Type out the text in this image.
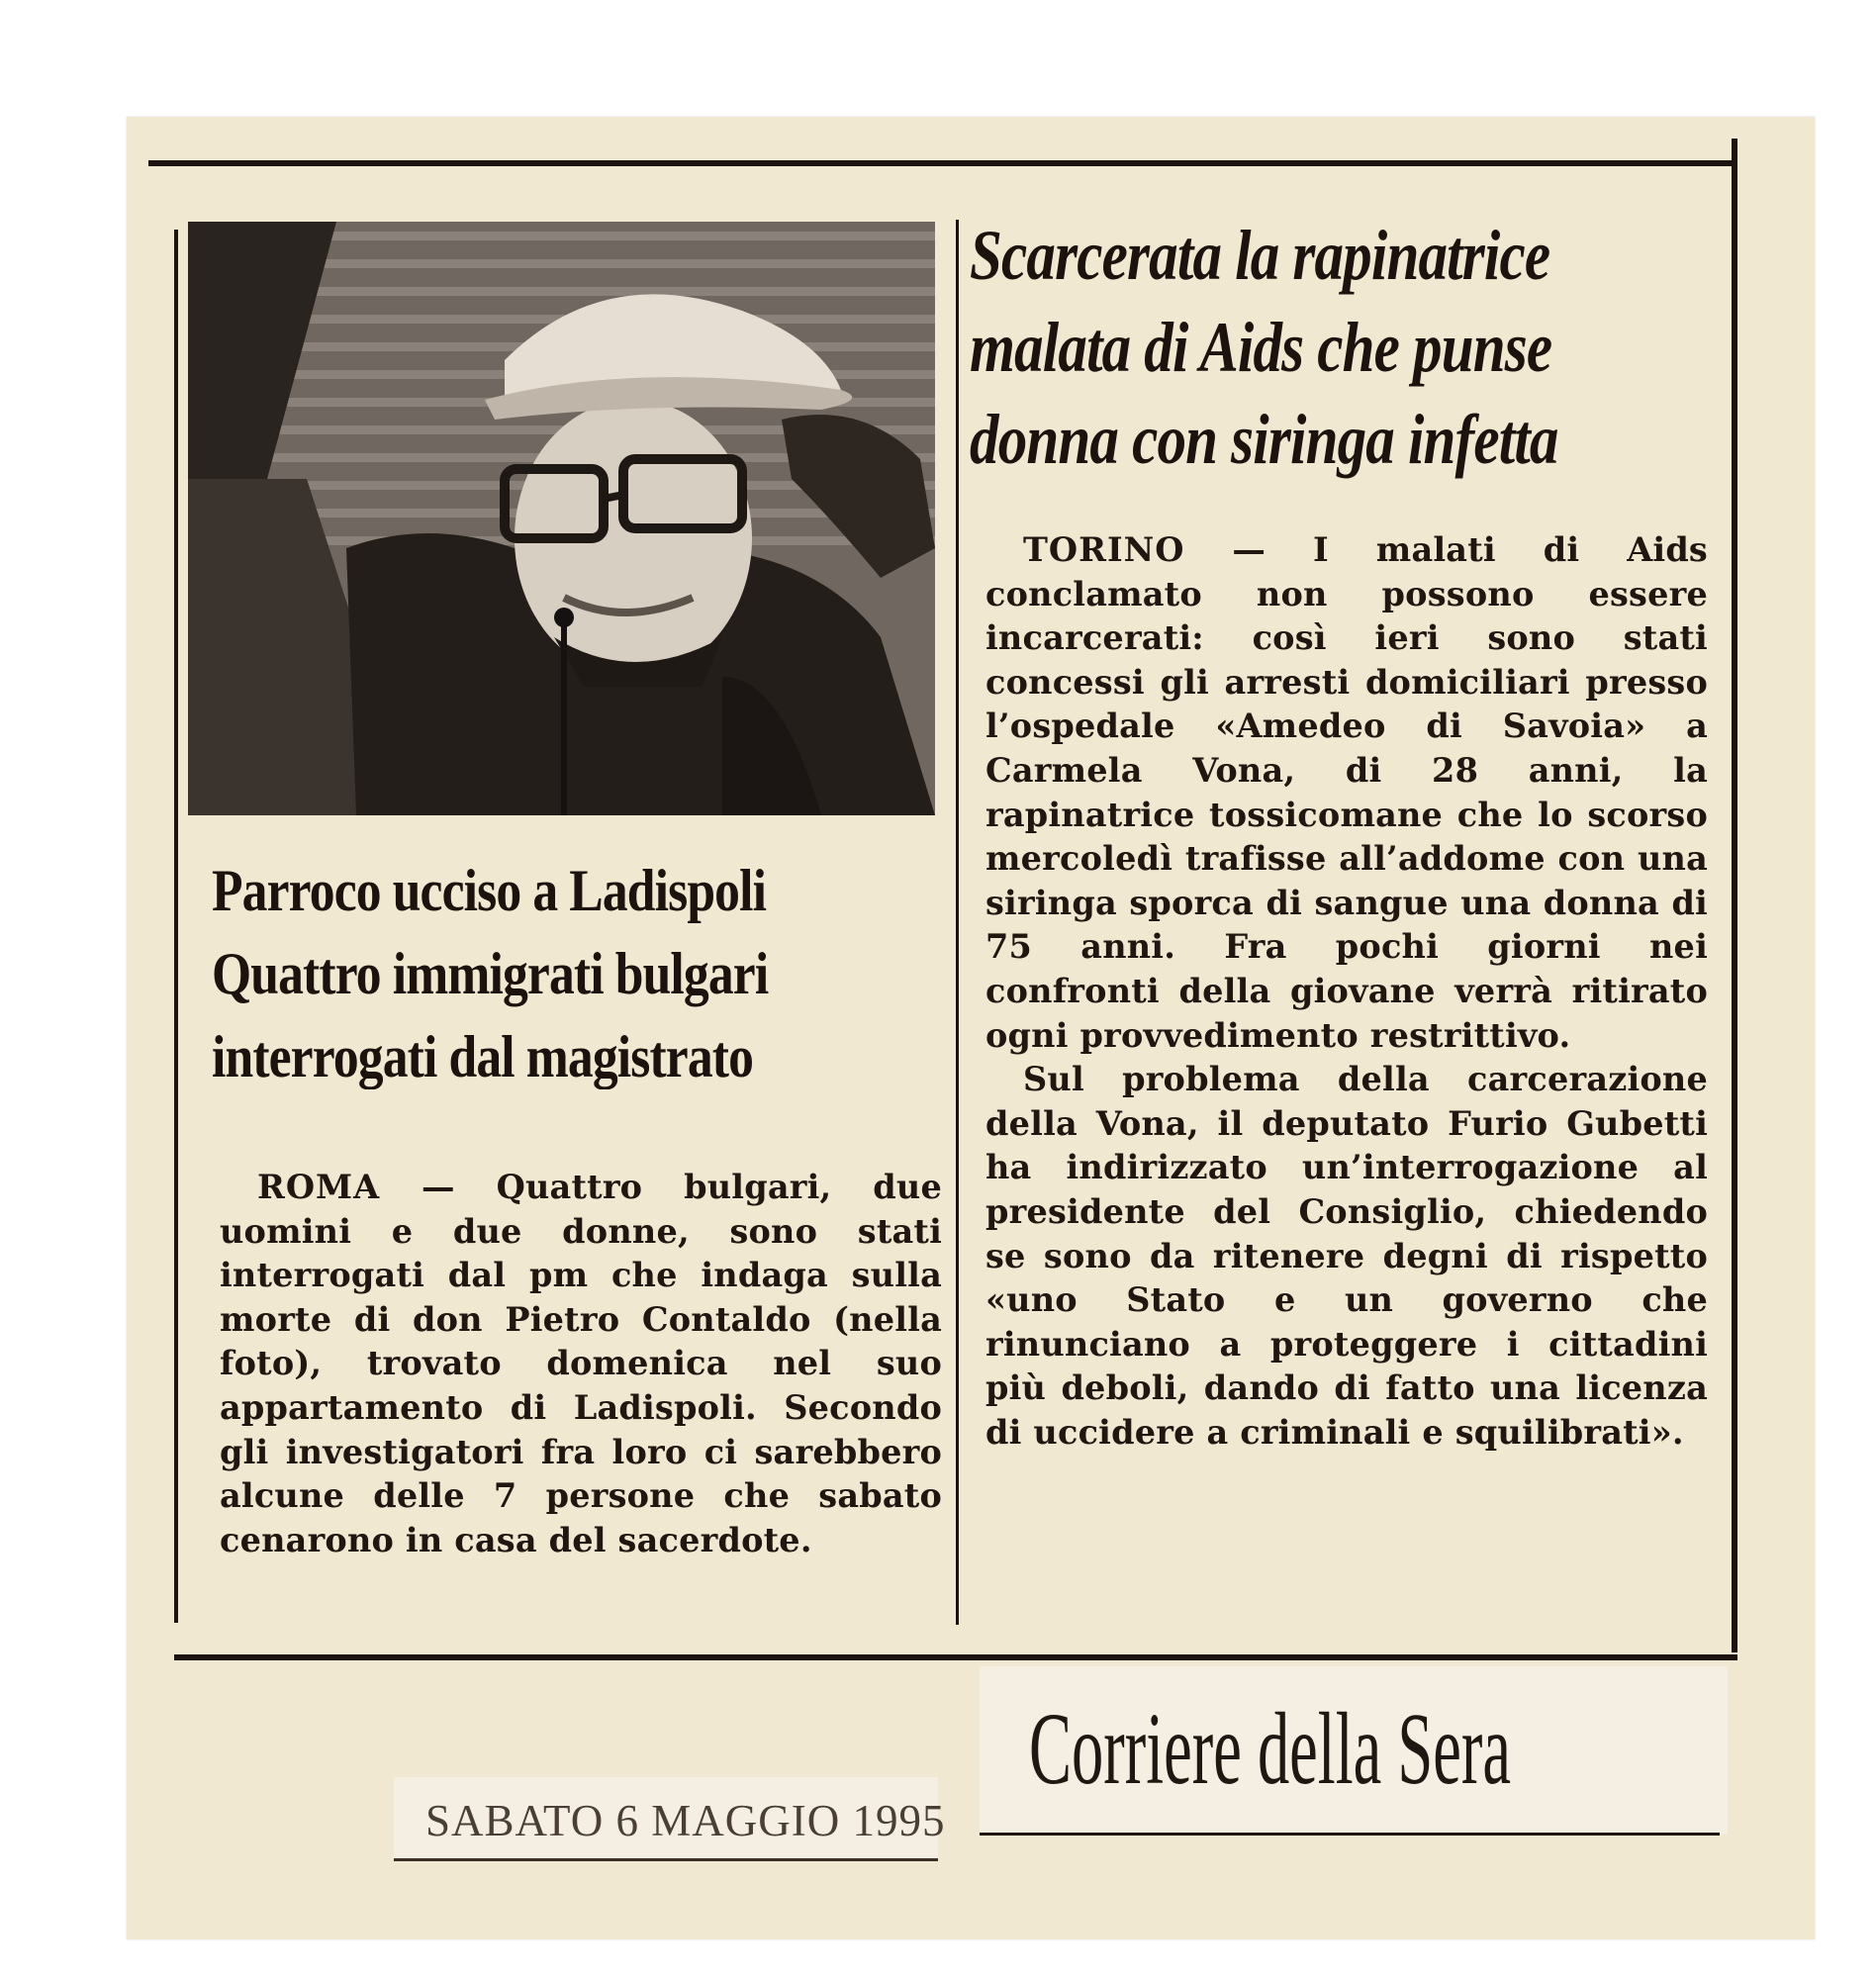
Parroco ucciso a Ladispoli
Quattro immigrati bulgari
interrogati dal magistrato
ROMA — Quattro bulgari, due uomini e due donne, sono stati interrogati dal pm che indaga sulla morte di don Pietro Contaldo (nella foto), trovato domenica nel suo appartamento di Ladispoli. Secondo gli investigatori fra loro ci sarebbero alcune delle 7 persone che sabato cenarono in casa del sacerdote.
Scarcerata la rapinatrice
malata di Aids che punse
donna con siringa infetta

TORINO — I malati di Aids conclamato non possono essere incarcerati: così ieri sono stati concessi gli arresti domiciliari presso l’ospedale «Amedeo di Savoia» a Carmela Vona, di 28 anni, la rapinatrice tossicomane che lo scorso mercoledì trafisse all’addome con una siringa sporca di sangue una donna di 75 anni. Fra pochi giorni nei confronti della giovane verrà ritirato ogni provvedimento restrittivo.

Sul problema della carcerazione della Vona, il deputato Furio Gubetti ha indirizzato un’interrogazione al presidente del Consiglio, chiedendo se sono da ritenere degni di rispetto «uno Stato e un governo che rinunciano a proteggere i cittadini più deboli, dando di fatto una licenza di uccidere a criminali e squilibrati».

SABATO 6 MAGGIO 1995
Corriere della Sera
